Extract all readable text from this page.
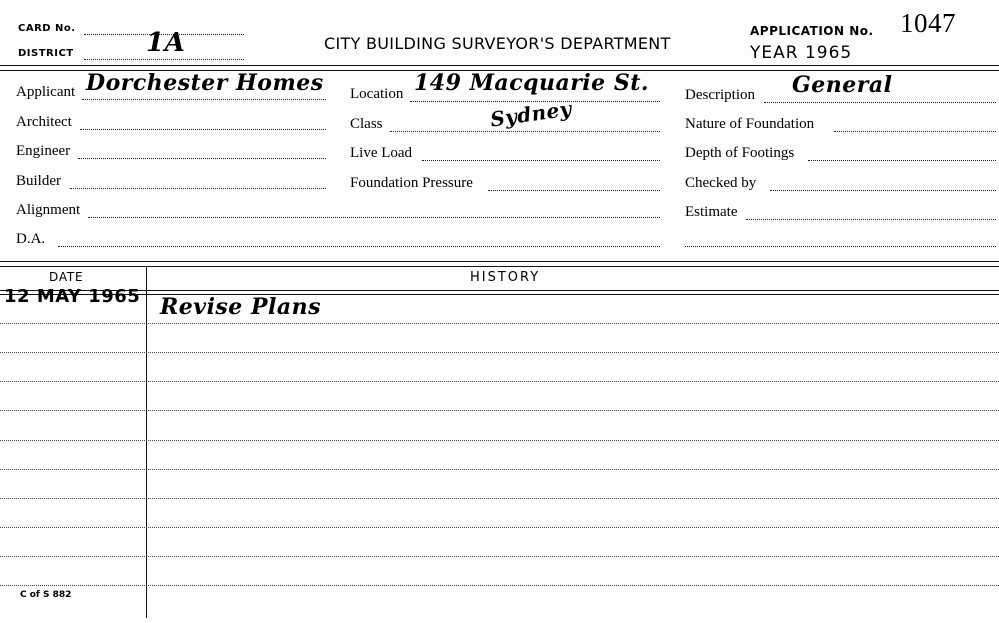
CARD No.
DISTRICT	1A	CITY BUILDING SURVEYOR'S DEPARTMENT
APPLICATION No. 1047
YEAR 1965
Applicant Dorchester Homes
Architect
Engineer
Builder
Alignment
D.A.
Location 149 Macquarie St.
Sydney
Class
Live Load
Foundation Pressure
Description General
Nature of Foundation
Depth of Footings
Checked by
Estimate
DATE	HISTORY
12 MAY 1965 Revise Plans
C of S 882
